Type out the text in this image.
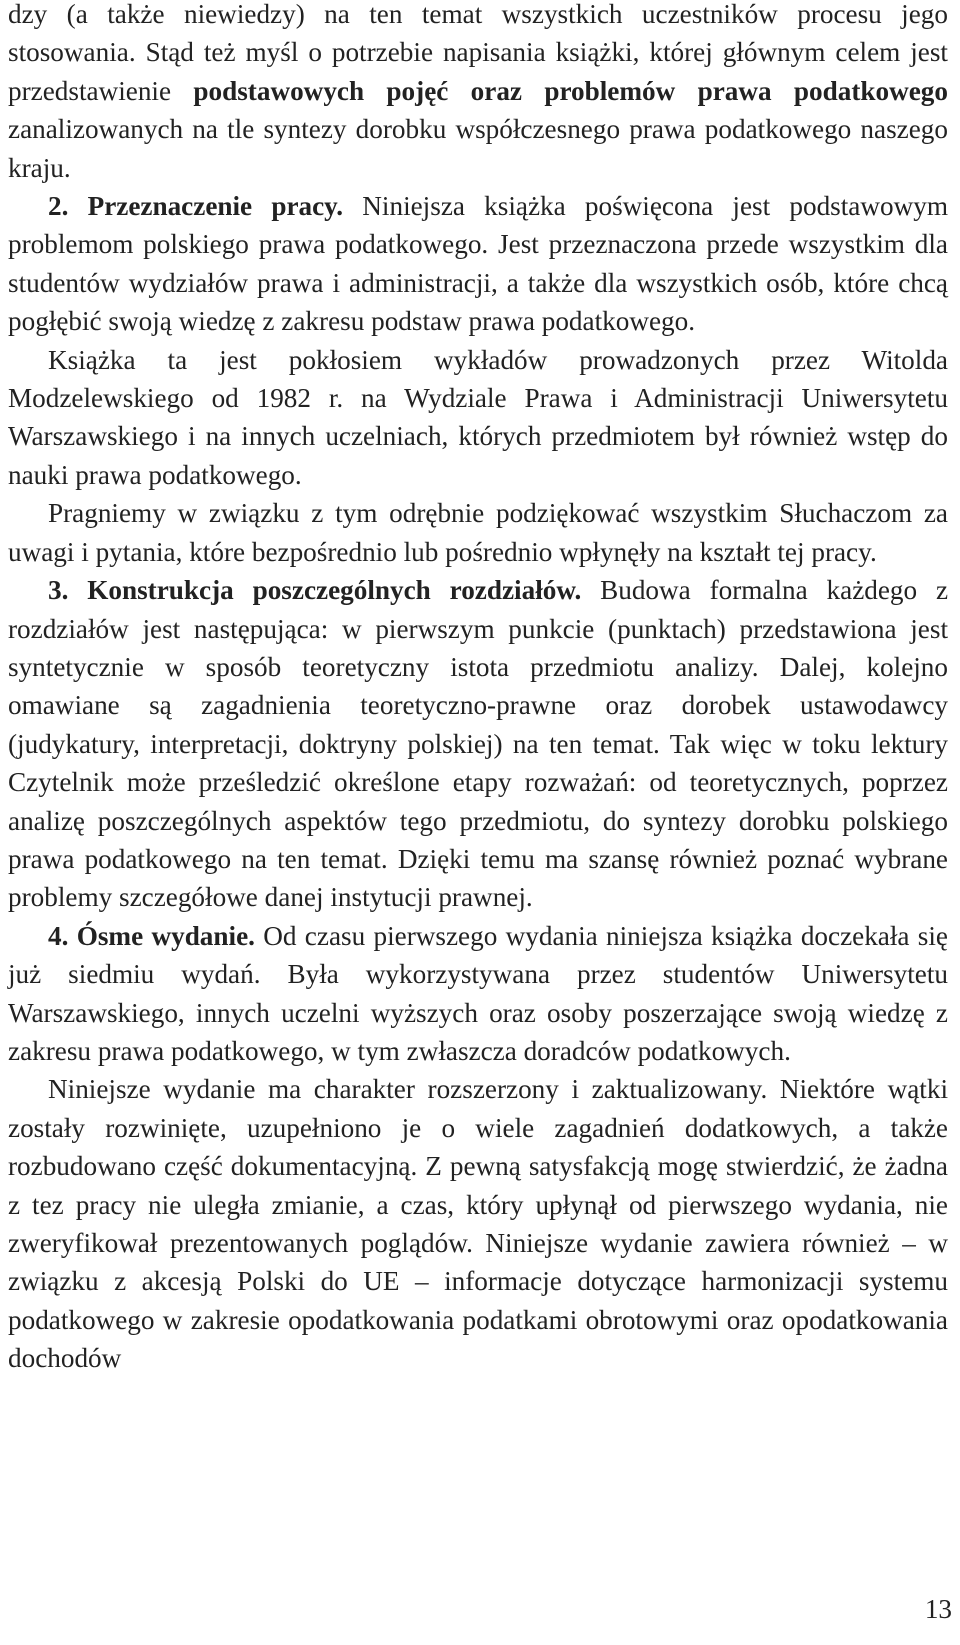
dzy (a także niewiedzy) na ten temat wszystkich uczestników procesu jego stosowania. Stąd też myśl o potrzebie napisania książki, której głównym celem jest przedstawienie podstawowych pojęć oraz problemów prawa podatkowego zanalizowanych na tle syntezy dorobku współczesnego prawa podatkowego naszego kraju.

2. Przeznaczenie pracy. Niniejsza książka poświęcona jest podstawowym problemom polskiego prawa podatkowego. Jest przeznaczona przede wszystkim dla studentów wydziałów prawa i administracji, a także dla wszystkich osób, które chcą pogłębić swoją wiedzę z zakresu podstaw prawa podatkowego.

Książka ta jest pokłosiem wykładów prowadzonych przez Witolda Modzelewskiego od 1982 r. na Wydziale Prawa i Administracji Uniwersytetu Warszawskiego i na innych uczelniach, których przedmiotem był również wstęp do nauki prawa podatkowego.

Pragniemy w związku z tym odrębnie podziękować wszystkim Słuchaczom za uwagi i pytania, które bezpośrednio lub pośrednio wpłynęły na kształt tej pracy.

3. Konstrukcja poszczególnych rozdziałów. Budowa formalna każdego z rozdziałów jest następująca: w pierwszym punkcie (punktach) przedstawiona jest syntetycznie w sposób teoretyczny istota przedmiotu analizy. Dalej, kolejno omawiane są zagadnienia teoretyczno-prawne oraz dorobek ustawodawcy (judykatury, interpretacji, doktryny polskiej) na ten temat. Tak więc w toku lektury Czytelnik może prześledzić określone etapy rozważań: od teoretycznych, poprzez analizę poszczególnych aspektów tego przedmiotu, do syntezy dorobku polskiego prawa podatkowego na ten temat. Dzięki temu ma szansę również poznać wybrane problemy szczegółowe danej instytucji prawnej.

4. Ósme wydanie. Od czasu pierwszego wydania niniejsza książka doczekała się już siedmiu wydań. Była wykorzystywana przez studentów Uniwersytetu Warszawskiego, innych uczelni wyższych oraz osoby poszerzające swoją wiedzę z zakresu prawa podatkowego, w tym zwłaszcza doradców podatkowych.

Niniejsze wydanie ma charakter rozszerzony i zaktualizowany. Niektóre wątki zostały rozwinięte, uzupełniono je o wiele zagadnień dodatkowych, a także rozbudowano część dokumentacyjną. Z pewną satysfakcją mogę stwierdzić, że żadna z tez pracy nie uległa zmianie, a czas, który upłynął od pierwszego wydania, nie zweryfikował prezentowanych poglądów. Niniejsze wydanie zawiera również – w związku z akcesją Polski do UE – informacje dotyczące harmonizacji systemu podatkowego w zakresie opodatkowania podatkami obrotowymi oraz opodatkowania dochodów

13
